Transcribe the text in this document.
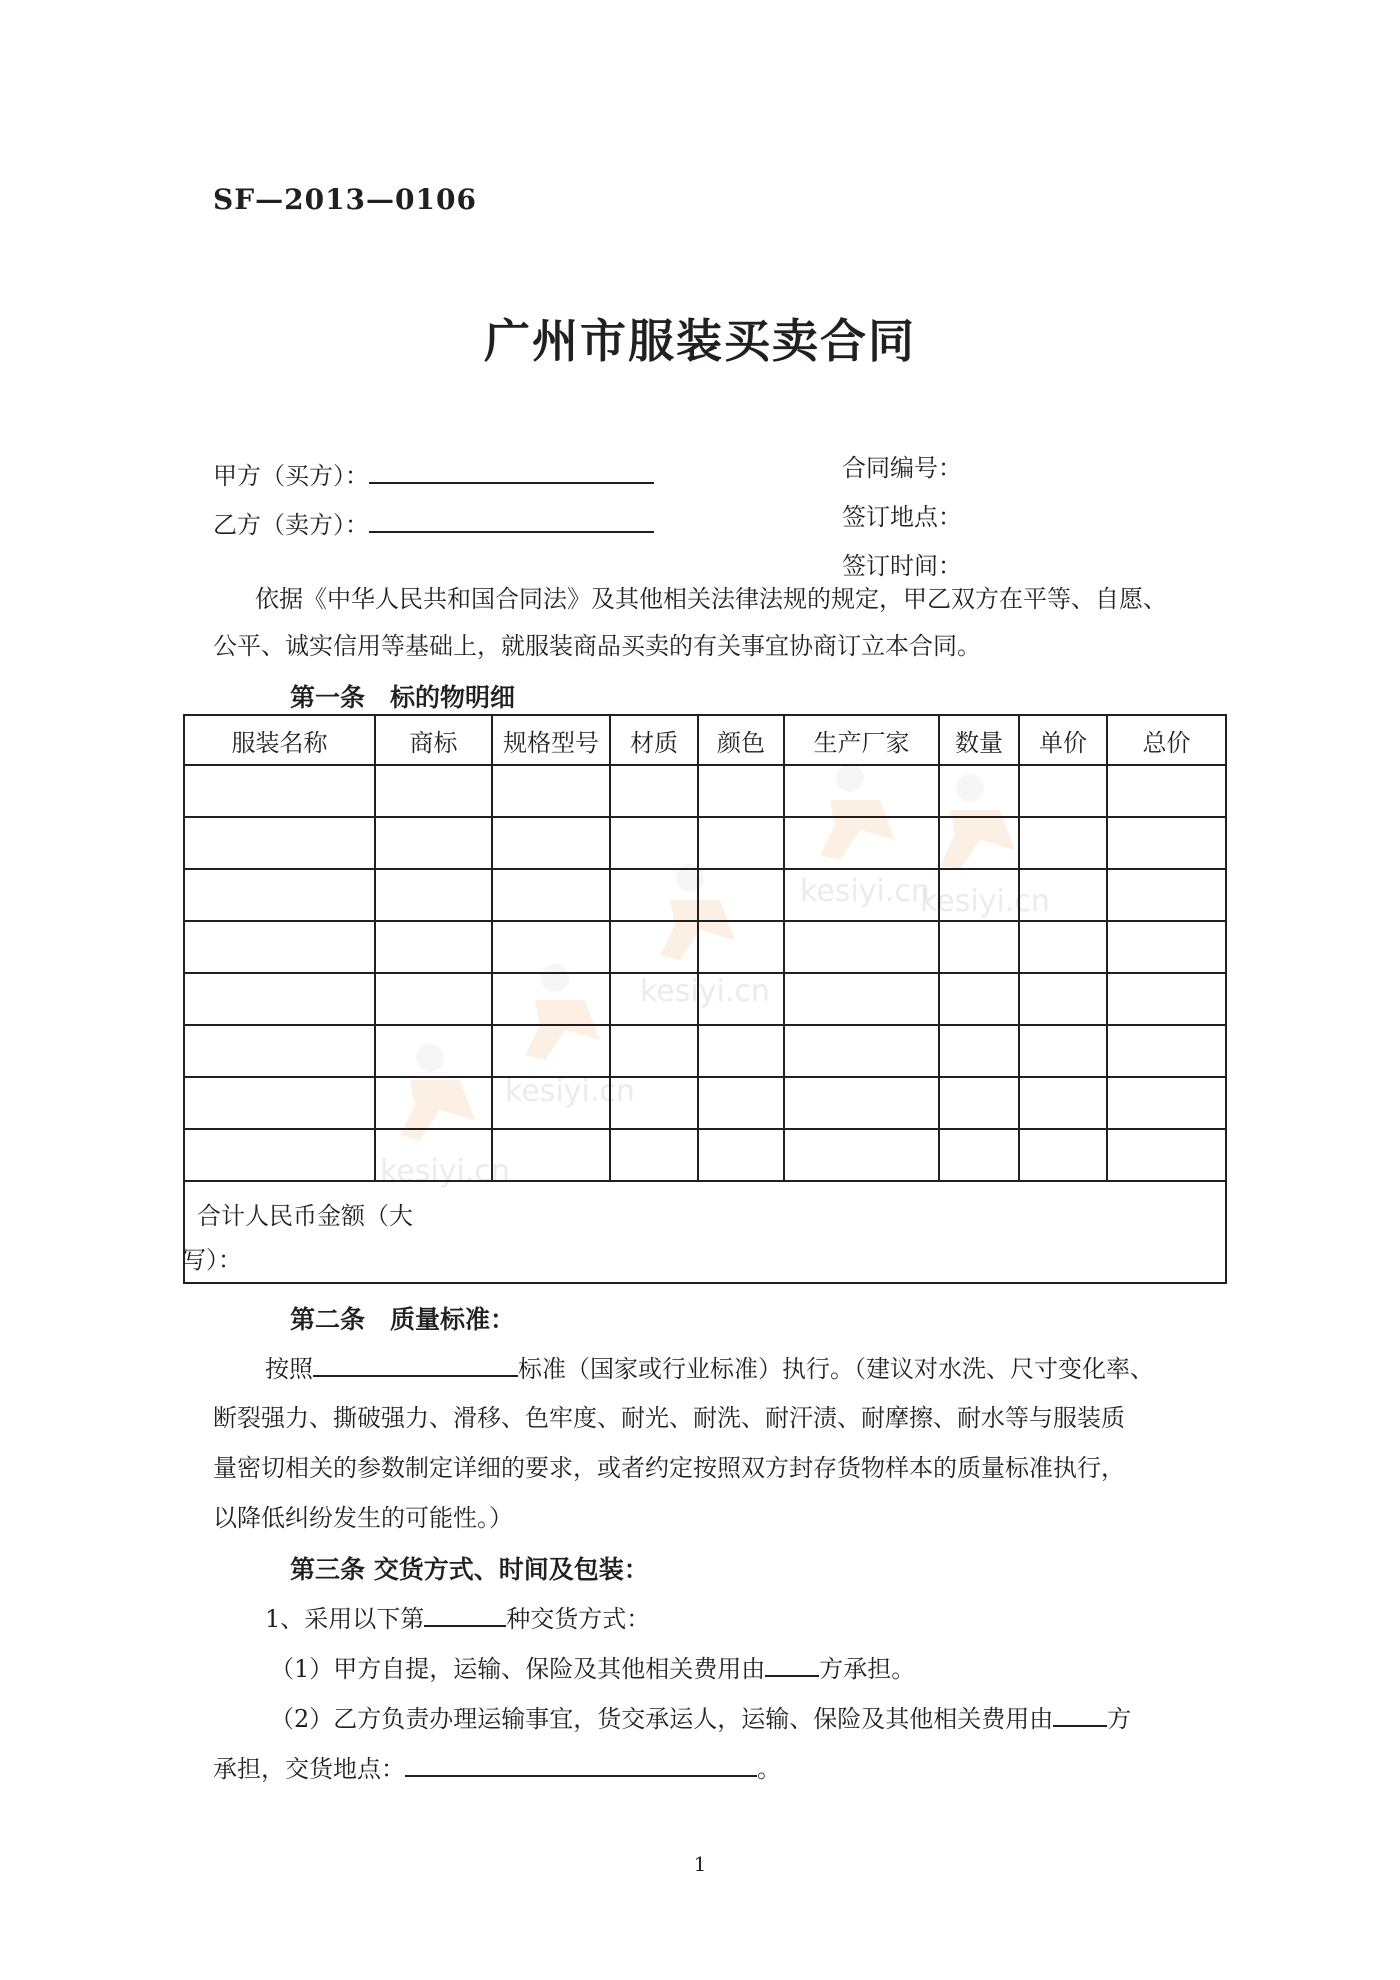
kesiyi.cn
kesiyi.cn
kesiyi.cn
kesiyi.cn
kesiyi.cn
SF—2013—0106
广州市服装买卖合同
甲方（买方）：
乙方（卖方）：
合同编号：
签订地点：
签订时间：
依据《中华人民共和国合同法》及其他相关法律法规的规定，甲乙双方在平等、自愿、
公平、诚实信用等基础上，就服装商品买卖的有关事宜协商订立本合同。
第一条　标的物明细
服装名称	商标	规格型号	材质	颜色	生产厂家	数量	单价	总价

合计人民币金额（大
写）：								
第二条　质量标准：
按照	标准（国家或行业标准）执行。（建议对水洗、尺寸变化率、
断裂强力、撕破强力、滑移、色牢度、耐光、耐洗、耐汗渍、耐摩擦、耐水等与服装质
量密切相关的参数制定详细的要求，或者约定按照双方封存货物样本的质量标准执行，
以降低纠纷发生的可能性。）
第三条 交货方式、时间及包装：
1、采用以下第	种交货方式：
（1）甲方自提，运输、保险及其他相关费用由 方承担。
（2）乙方负责办理运输事宜，货交承运人，运输、保险及其他相关费用由 方
承担，交货地点：	。
1
